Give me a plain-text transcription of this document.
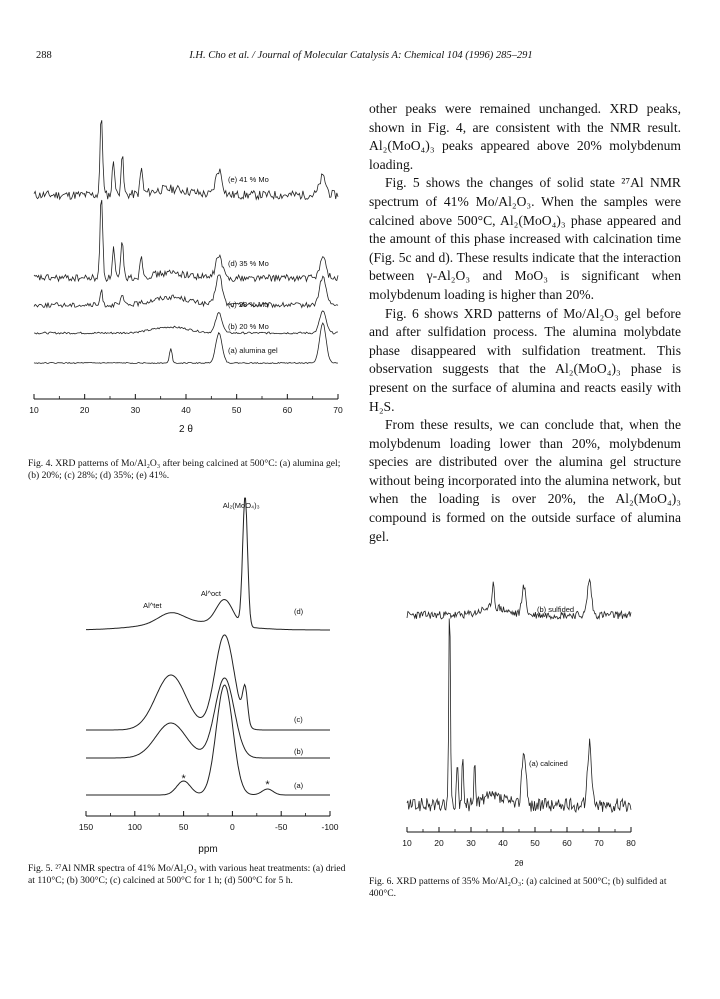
288	I.H. Cho et al. / Journal of Molecular Catalysis A: Chemical 104 (1996) 285–291

other peaks were remained unchanged. XRD peaks, shown in Fig. 4, are consistent with the NMR result. Al₂(MoO₄)₃ peaks appeared above 20% molybdenum loading.

Fig. 5 shows the changes of solid state ²⁷Al NMR spectrum of 41% Mo/Al₂O₃. When the samples were calcined above 500°C, Al₂(MoO₄)₃ phase appeared and the amount of this phase increased with calcination time (Fig. 5c and d). These results indicate that the interaction between γ-Al₂O₃ and MoO₃ is significant when molybdenum loading is higher than 20%.

Fig. 6 shows XRD patterns of Mo/Al₂O₃ gel before and after sulfidation process. The alumina molybdate phase disappeared with sulfidation treatment. This observation suggests that the Al₂(MoO₄)₃ phase is present on the surface of alumina and reacts easily with H₂S.

From these results, we can conclude that, when the molybdenum loading lower than 20%, molybdenum species are distributed over the alumina gel structure without being incorporated into the alumina network, but when the loading is over 20%, the Al₂(MoO₄)₃ compound is formed on the outside surface of alumina gel.

(e) 41 % Mo
(d) 35 % Mo
(c) 28 % Mo
(b) 20 % Mo
(a) alumina gel
10	20	30	40	50	60	70
2 θ
Fig. 4. XRD patterns of Mo/Al₂O₃ after being calcined at 500°C: (a) alumina gel; (b) 20%; (c) 28%; (d) 35%; (e) 41%.
(d)
(c)
(b)
(a)
Al₂(MoO₄)₃
Al^tet
Al^oct
*	*
150	100	50	0	-50	-100
ppm
Fig. 5. ²⁷Al NMR spectra of 41% Mo/Al₂O₃ with various heat treatments: (a) dried at 110°C; (b) 300°C; (c) calcined at 500°C for 1 h; (d) 500°C for 5 h.
(b) sulfided
(a) calcined
10	20	30	40	50	60	70	80
2θ
Fig. 6. XRD patterns of 35% Mo/Al₂O₃: (a) calcined at 500°C; (b) sulfided at 400°C.
